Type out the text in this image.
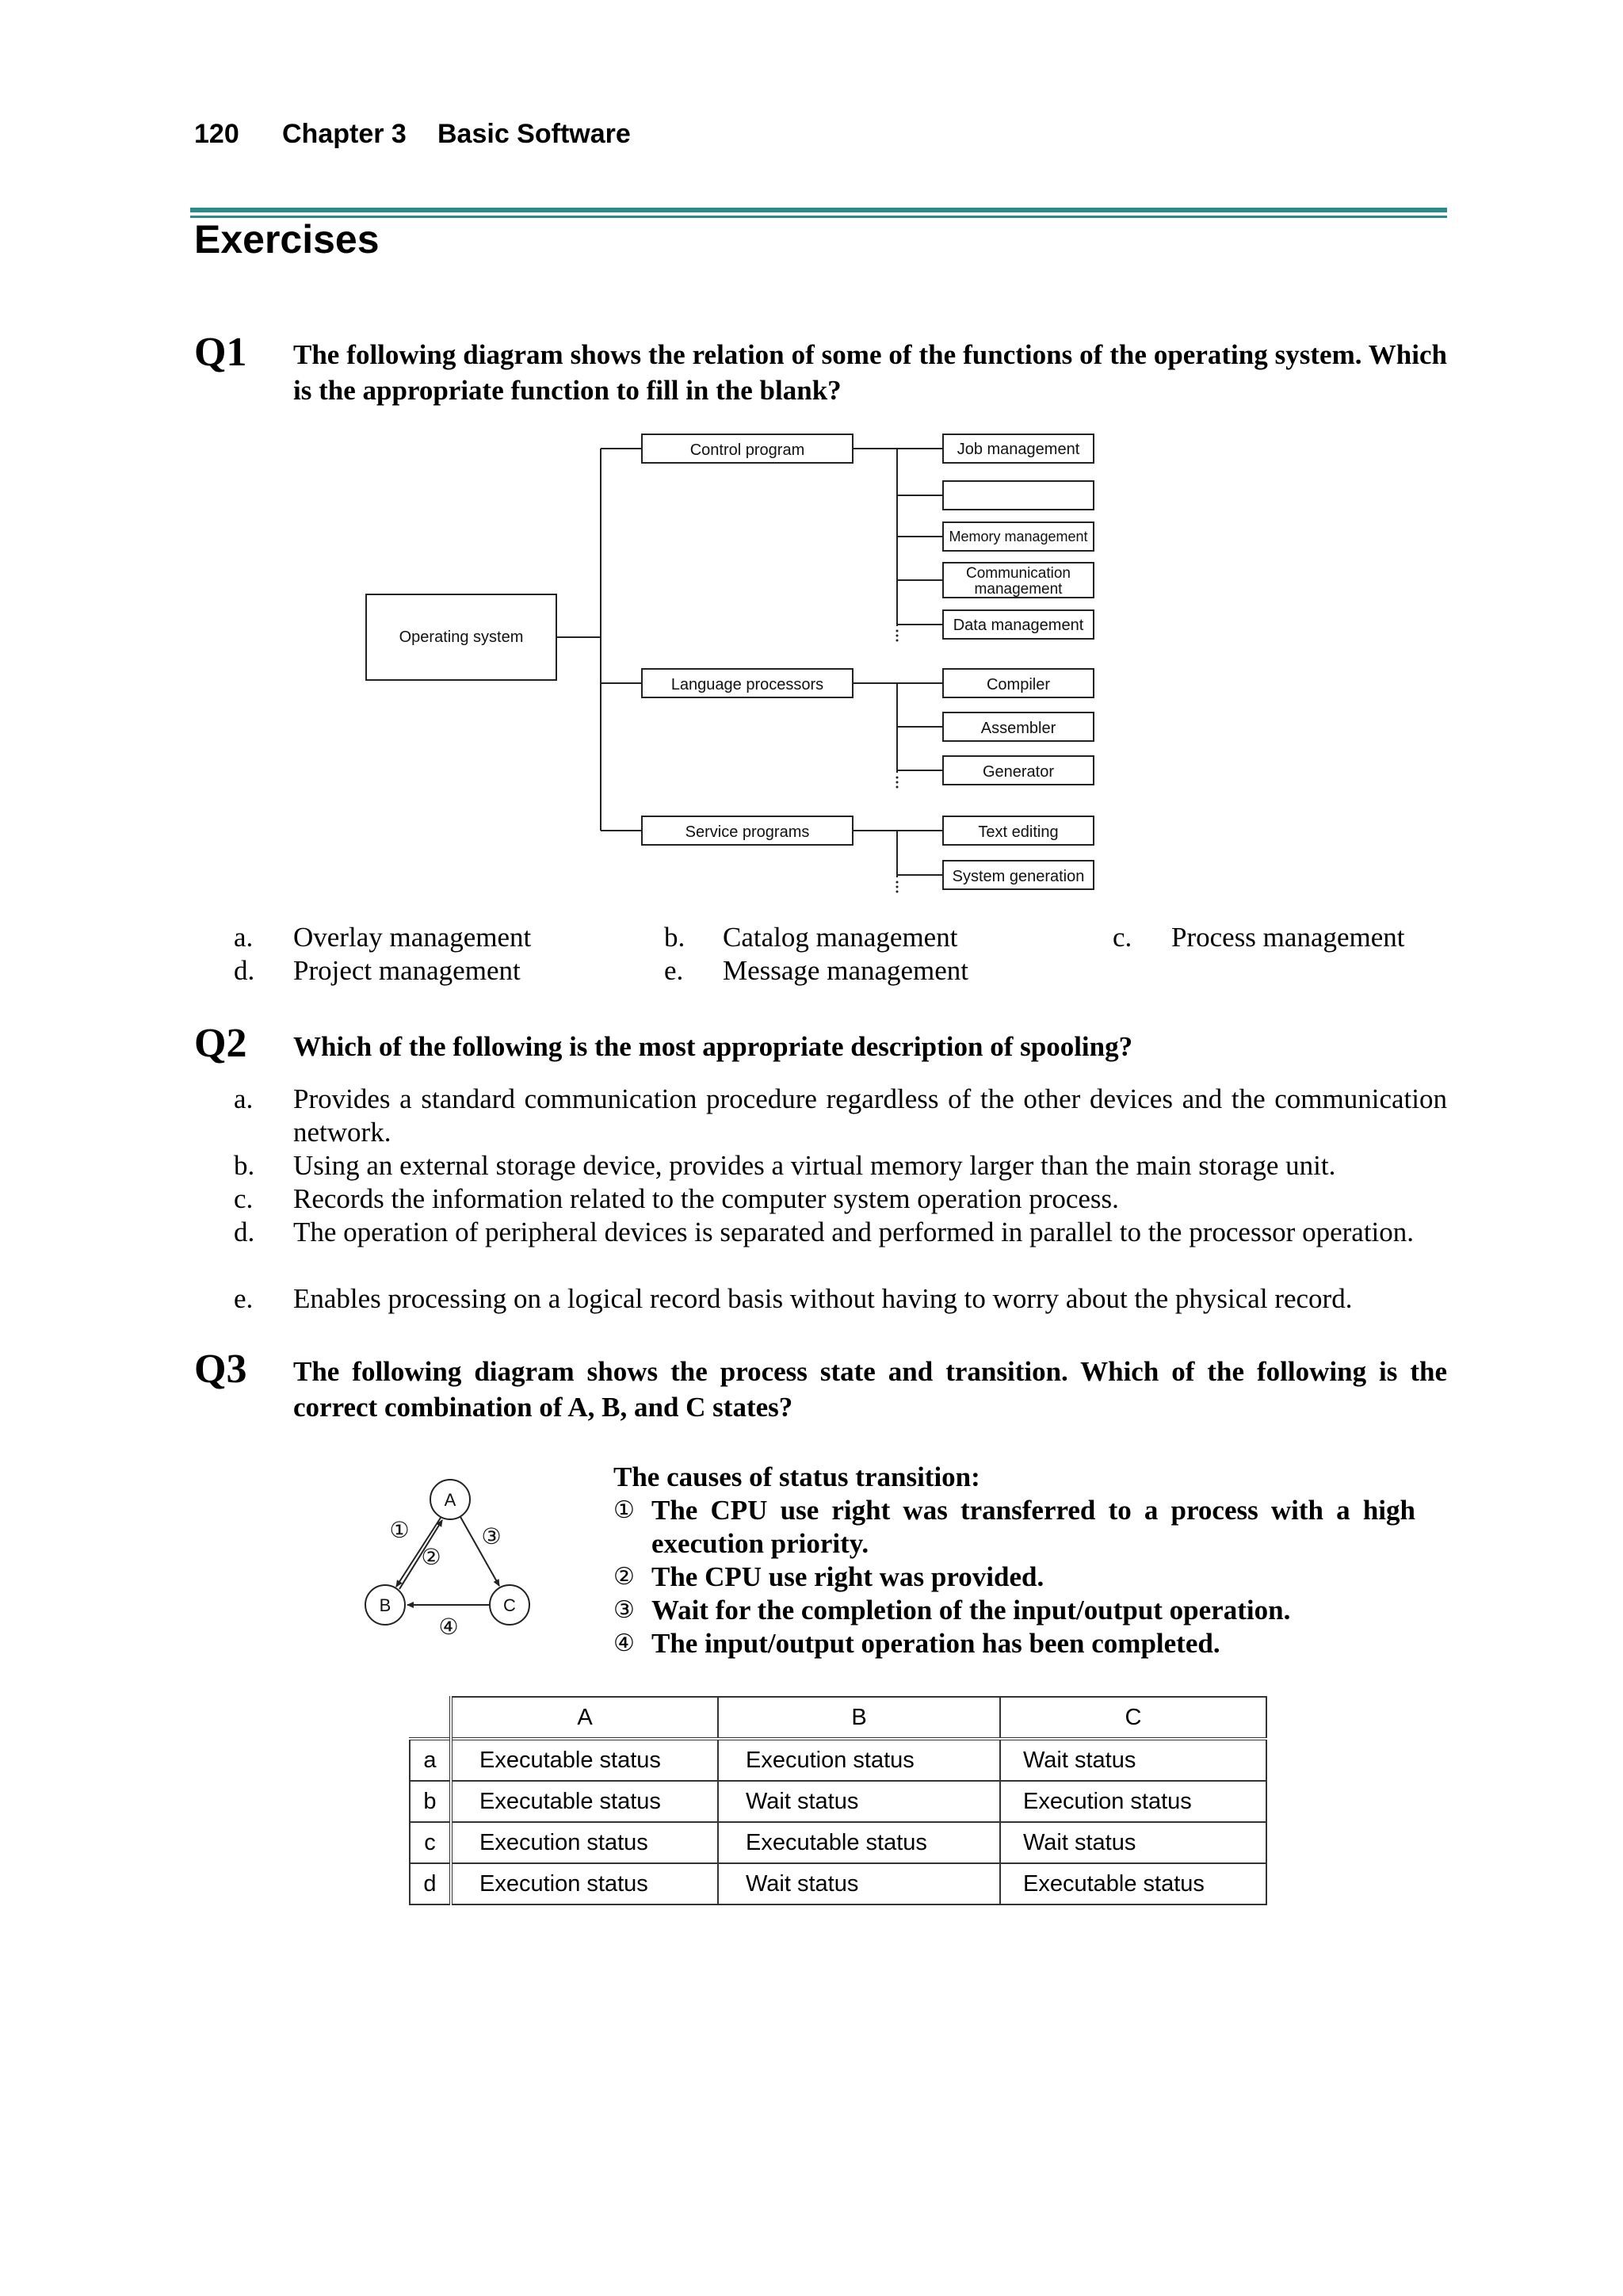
120 Chapter 3 Basic Software
Exercises
Q1 The following diagram shows the relation of some of the functions of the operating system. Which is the appropriate function to fill in the blank?
Operating system
Control program
Language processors
Service programs
Job management
Memory management
Communication
management
Data management
Compiler
Assembler
Generator
Text editing
System generation
a. Overlay management	b. Catalog management	c. Process management
d. Project management	e. Message management
Q2 Which of the following is the most appropriate description of spooling?
a. Provides a standard communication procedure regardless of the other devices and the communication network.
b. Using an external storage device, provides a virtual memory larger than the main storage unit.
c. Records the information related to the computer system operation process.
d. The operation of peripheral devices is separated and performed in parallel to the processor operation.
e. Enables processing on a logical record basis without having to worry about the physical record.
Q3 The following diagram shows the process state and transition. Which of the following is the correct combination of A, B, and C states?
A
B	C
①
②
③
④
The causes of status transition:
① The CPU use right was transferred to a process with a high execution priority.
② The CPU use right was provided.
③ Wait for the completion of the input/output operation.
④ The input/output operation has been completed.
	A	B	C
a	Executable status	Execution status	Wait status
b	Executable status	Wait status	Execution status
c	Execution status	Executable status	Wait status
d	Execution status	Wait status	Executable status
